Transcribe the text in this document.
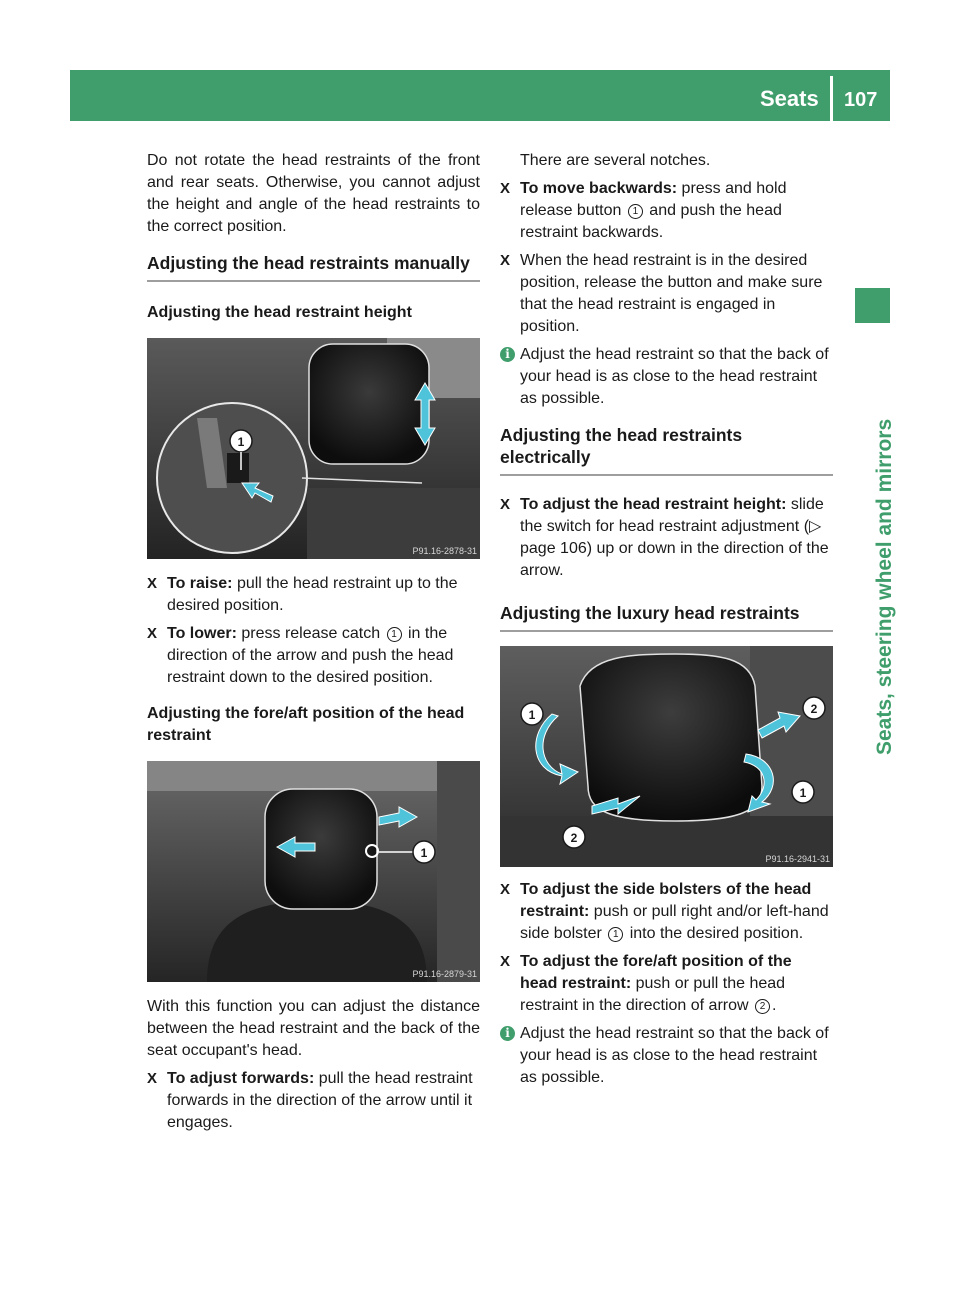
Seats 107
Seats, steering wheel and mirrors

Do not rotate the head restraints of the front and rear seats. Otherwise, you cannot adjust the height and angle of the head restraints to the correct position.

Adjusting the head restraints manually
Adjusting the head restraint height
1
P91.16-2878-31
X To raise: pull the head restraint up to the desired position.
X To lower: press release catch 1 in the direction of the arrow and push the head restraint down to the desired position.
Adjusting the fore/aft position of the head restraint
1
P91.16-2879-31

With this function you can adjust the distance between the head restraint and the back of the seat occupant's head.

X To adjust forwards: pull the head restraint forwards in the direction of the arrow until it engages.

There are several notches.

X To move backwards: press and hold release button 1 and push the head restraint backwards.
X When the head restraint is in the desired position, release the button and make sure that the head restraint is engaged in position.
i Adjust the head restraint so that the back of your head is as close to the head restraint as possible.
Adjusting the head restraints electrically
X To adjust the head restraint height: slide the switch for head restraint adjustment (▷ page 106) up or down in the direction of the arrow.
Adjusting the luxury head restraints
1	2
1
2
P91.16-2941-31
X To adjust the side bolsters of the head restraint: push or pull right and/or left-hand side bolster 1 into the desired position.
X To adjust the fore/aft position of the head restraint: push or pull the head restraint in the direction of arrow 2 .
i Adjust the head restraint so that the back of your head is as close to the head restraint as possible.
